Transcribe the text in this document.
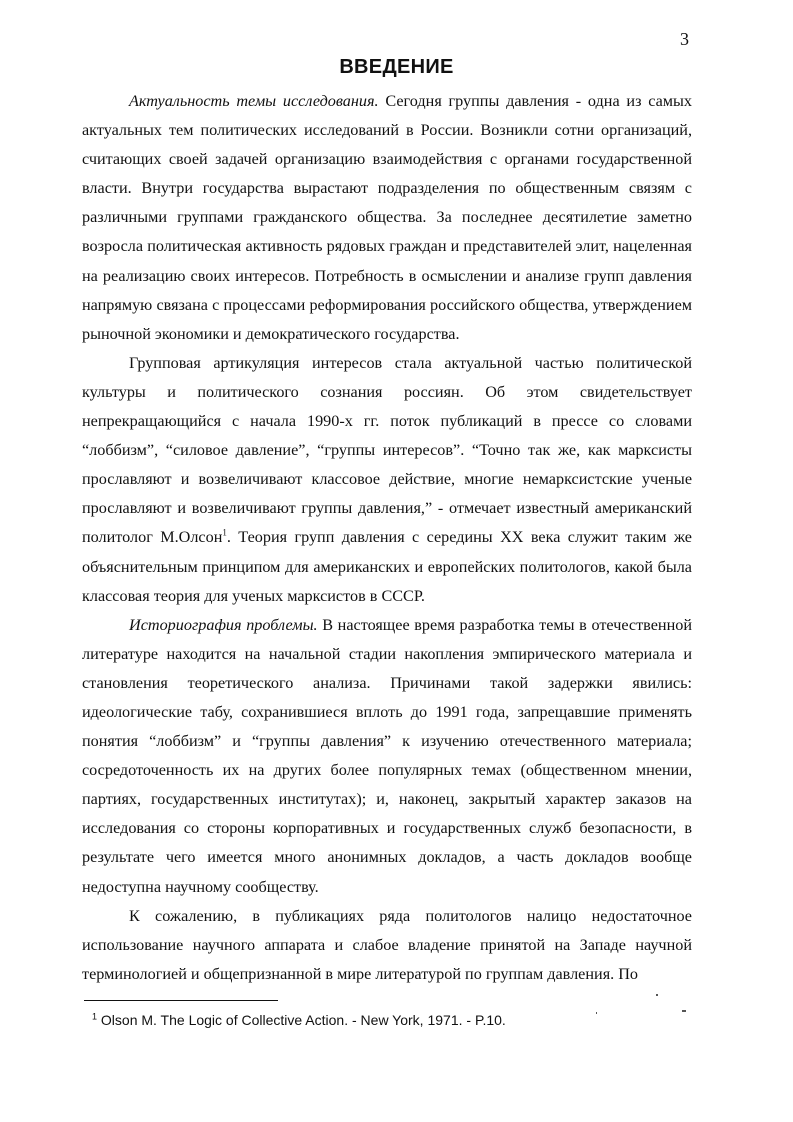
3
ВВЕДЕНИЕ

Актуальность темы исследования. Сегодня группы давления - одна из самых актуальных тем политических исследований в России. Возникли сотни организаций, считающих своей задачей организацию взаимодействия с органами государственной власти. Внутри государства вырастают подразделения по общественным связям с различными группами гражданского общества. За последнее десятилетие заметно возросла политическая активность рядовых граждан и представителей элит, нацеленная на реализацию своих интересов. Потребность в осмыслении и анализе групп давления напрямую связана с процессами реформирования российского общества, утверждением рыночной экономики и демократического государства.

Групповая артикуляция интересов стала актуальной частью политической культуры и политического сознания россиян. Об этом свидетельствует непрекращающийся с начала 1990-х гг. поток публикаций в прессе со словами “лоббизм”, “силовое давление”, “группы интересов”. “Точно так же, как марксисты прославляют и возвеличивают классовое действие, многие немарксистские ученые прославляют и возвеличивают группы давления,” - отмечает известный американский политолог М.Олсон$^1$. Теория групп давления с середины XX века служит таким же объяснительным принципом для американских и европейских политологов, какой была классовая теория для ученых марксистов в СССР.

Историография проблемы. В настоящее время разработка темы в отечественной литературе находится на начальной стадии накопления эмпирического материала и становления теоретического анализа. Причинами такой задержки явились: идеологические табу, сохранившиеся вплоть до 1991 года, запрещавшие применять понятия “лоббизм” и “группы давления” к изучению отечественного материала; сосредоточенность их на других более популярных темах (общественном мнении, партиях, государственных институтах); и, наконец, закрытый характер заказов на исследования со стороны корпоративных и государственных служб безопасности, в результате чего имеется много анонимных докладов, а часть докладов вообще недоступна научному сообществу.

К сожалению, в публикациях ряда политологов налицо недостаточное использование научного аппарата и слабое владение принятой на Западе научной терминологией и общепризнанной в мире литературой по группам давления. По

$^1$ Olson M. The Logic of Collective Action. - New York, 1971. - P.10.
